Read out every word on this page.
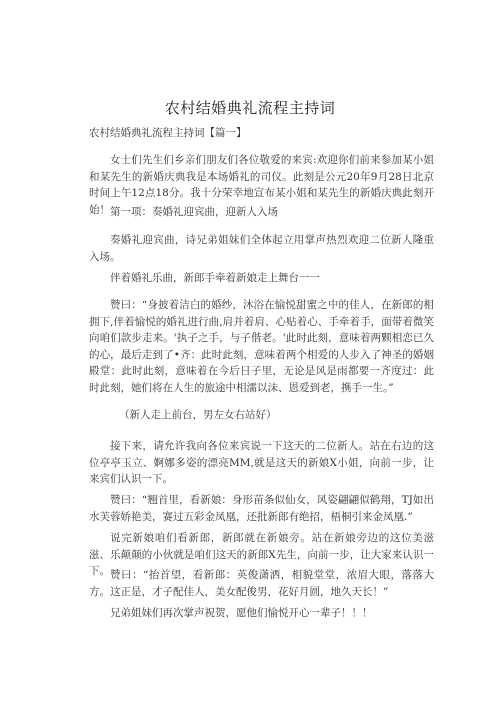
农村结婚典礼流程主持词
农村结婚典礼流程主持词【篇一】
女士们先生们乡亲们朋友们各位敬爱的来宾:欢迎你们前来参加某小姐和某先生的新婚庆典我是本场婚礼的司仪。此刻是公元20年9月28日北京时间上午12点18分。我十分荣幸地宣布某小姐和某先生的新婚庆典此刻开始！ 第一项：奏婚礼迎宾曲，迎新人入场
奏婚礼迎宾曲，诗兄弟姐妹们全体起立用掌声热烈欢迎二位新人隆重入场。
伴着婚礼乐曲，新郎手牵着新娘走上舞台一一
赞曰：“身披着洁白的婚纱，沐浴在愉悦甜蜜之中的佳人，在新郎的相拥下,伴着愉悦的婚礼进行曲,肩并着肩、心贴着心、手牵着手，面带着微笑向咱们款步走来。'执子之手，与子偕老。'此时此刻，意味着两颗相恋已久的心，最后走到了•齐：此时此刻，意味着两个相爱的人步入了神圣的婚姻殿堂：此时此刻，意味着在今后日子里，无论是风是雨都要一齐度过：此时此刻，她们将在人生的旅途中相濡以沫、恩爱到老，携手一生。”
（新人走上前台，男左女右站好）
接下来，请允许我向各位来宾说一下这天的二位新人。站在右边的这位亭亭玉立、婀娜多姿的漂亮MM,就是这天的新娘X小姐，向前一步，让来宾们认识一下。
赞曰：“翘首里，看新娘：身形苗条似仙女，风姿翩翩似鹤翔，TJ如出水芙蓉娇艳美，赛过五彩金凤凰，还批新郎有绝招，梧桐引来金凤凰.”
说完新娘咱们看新郎，新郎就在新娘旁。站在新娘旁边的这位美滋滋、乐颠颠的小伙就是咱们这天的新郎X先生，向前一步，让大家来认识一下。 赞曰：“抬首望，看新郎：英俊潇洒，相貌堂堂，浓眉大眼，落落大方。这正是，才子配佳人，美女配俊男，花好月圆，地久天长！”
兄弟姐妹们再次掌声祝贺，愿他们愉悦开心一辈子！！！
